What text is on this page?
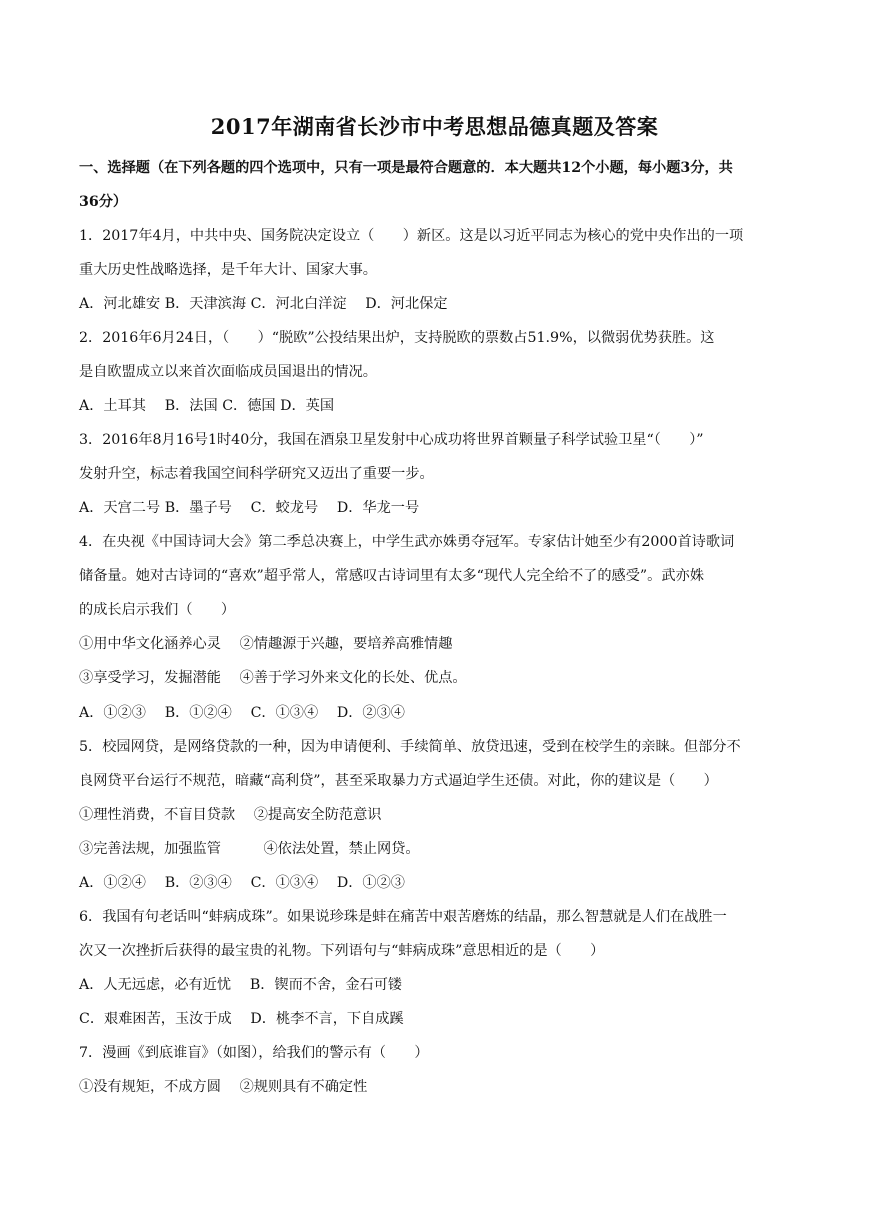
2017年湖南省长沙市中考思想品德真题及答案

一、选择题（在下列各题的四个选项中，只有一项是最符合题意的．本大题共12个小题，每小题3分，共

36分）

1．2017年4月，中共中央、国务院决定设立（　　）新区。这是以习近平同志为核心的党中央作出的一项

重大历史性战略选择，是千年大计、国家大事。

A．河北雄安 B．天津滨海 C．河北白洋淀　 D．河北保定

2．2016年6月24日，（　　）“脱欧”公投结果出炉，支持脱欧的票数占51.9%，以微弱优势获胜。这

是自欧盟成立以来首次面临成员国退出的情况。

A．土耳其　 B．法国 C．德国 D．英国

3．2016年8月16号1时40分，我国在酒泉卫星发射中心成功将世界首颗量子科学试验卫星“（　　）”

发射升空，标志着我国空间科学研究又迈出了重要一步。

A．天宫二号 B．墨子号　 C．蛟龙号　 D．华龙一号

4．在央视《中国诗词大会》第二季总决赛上，中学生武亦姝勇夺冠军。专家估计她至少有2000首诗歌词

储备量。她对古诗词的“喜欢”超乎常人，常感叹古诗词里有太多“现代人完全给不了的感受”。武亦姝

的成长启示我们（　　）

①用中华文化涵养心灵　 ②情趣源于兴趣，要培养高雅情趣

③享受学习，发掘潜能　 ④善于学习外来文化的长处、优点。

A．①②③　 B．①②④　 C．①③④　 D．②③④

5．校园网贷，是网络贷款的一种，因为申请便利、手续简单、放贷迅速，受到在校学生的亲睐。但部分不

良网贷平台运行不规范，暗藏“高利贷”，甚至采取暴力方式逼迫学生还债。对此，你的建议是（　　）

①理性消费，不盲目贷款　 ②提高安全防范意识

③完善法规，加强监管　　　④依法处置，禁止网贷。

A．①②④　 B．②③④　 C．①③④　 D．①②③

6．我国有句老话叫“蚌病成珠”。如果说珍珠是蚌在痛苦中艰苦磨炼的结晶，那么智慧就是人们在战胜一

次又一次挫折后获得的最宝贵的礼物。下列语句与“蚌病成珠”意思相近的是（　　）

A．人无远虑，必有近忧　 B．锲而不舍，金石可镂

C．艰难困苦，玉汝于成　 D．桃李不言，下自成蹊

7．漫画《到底谁盲》（如图），给我们的警示有（　　）

①没有规矩，不成方圆　 ②规则具有不确定性
